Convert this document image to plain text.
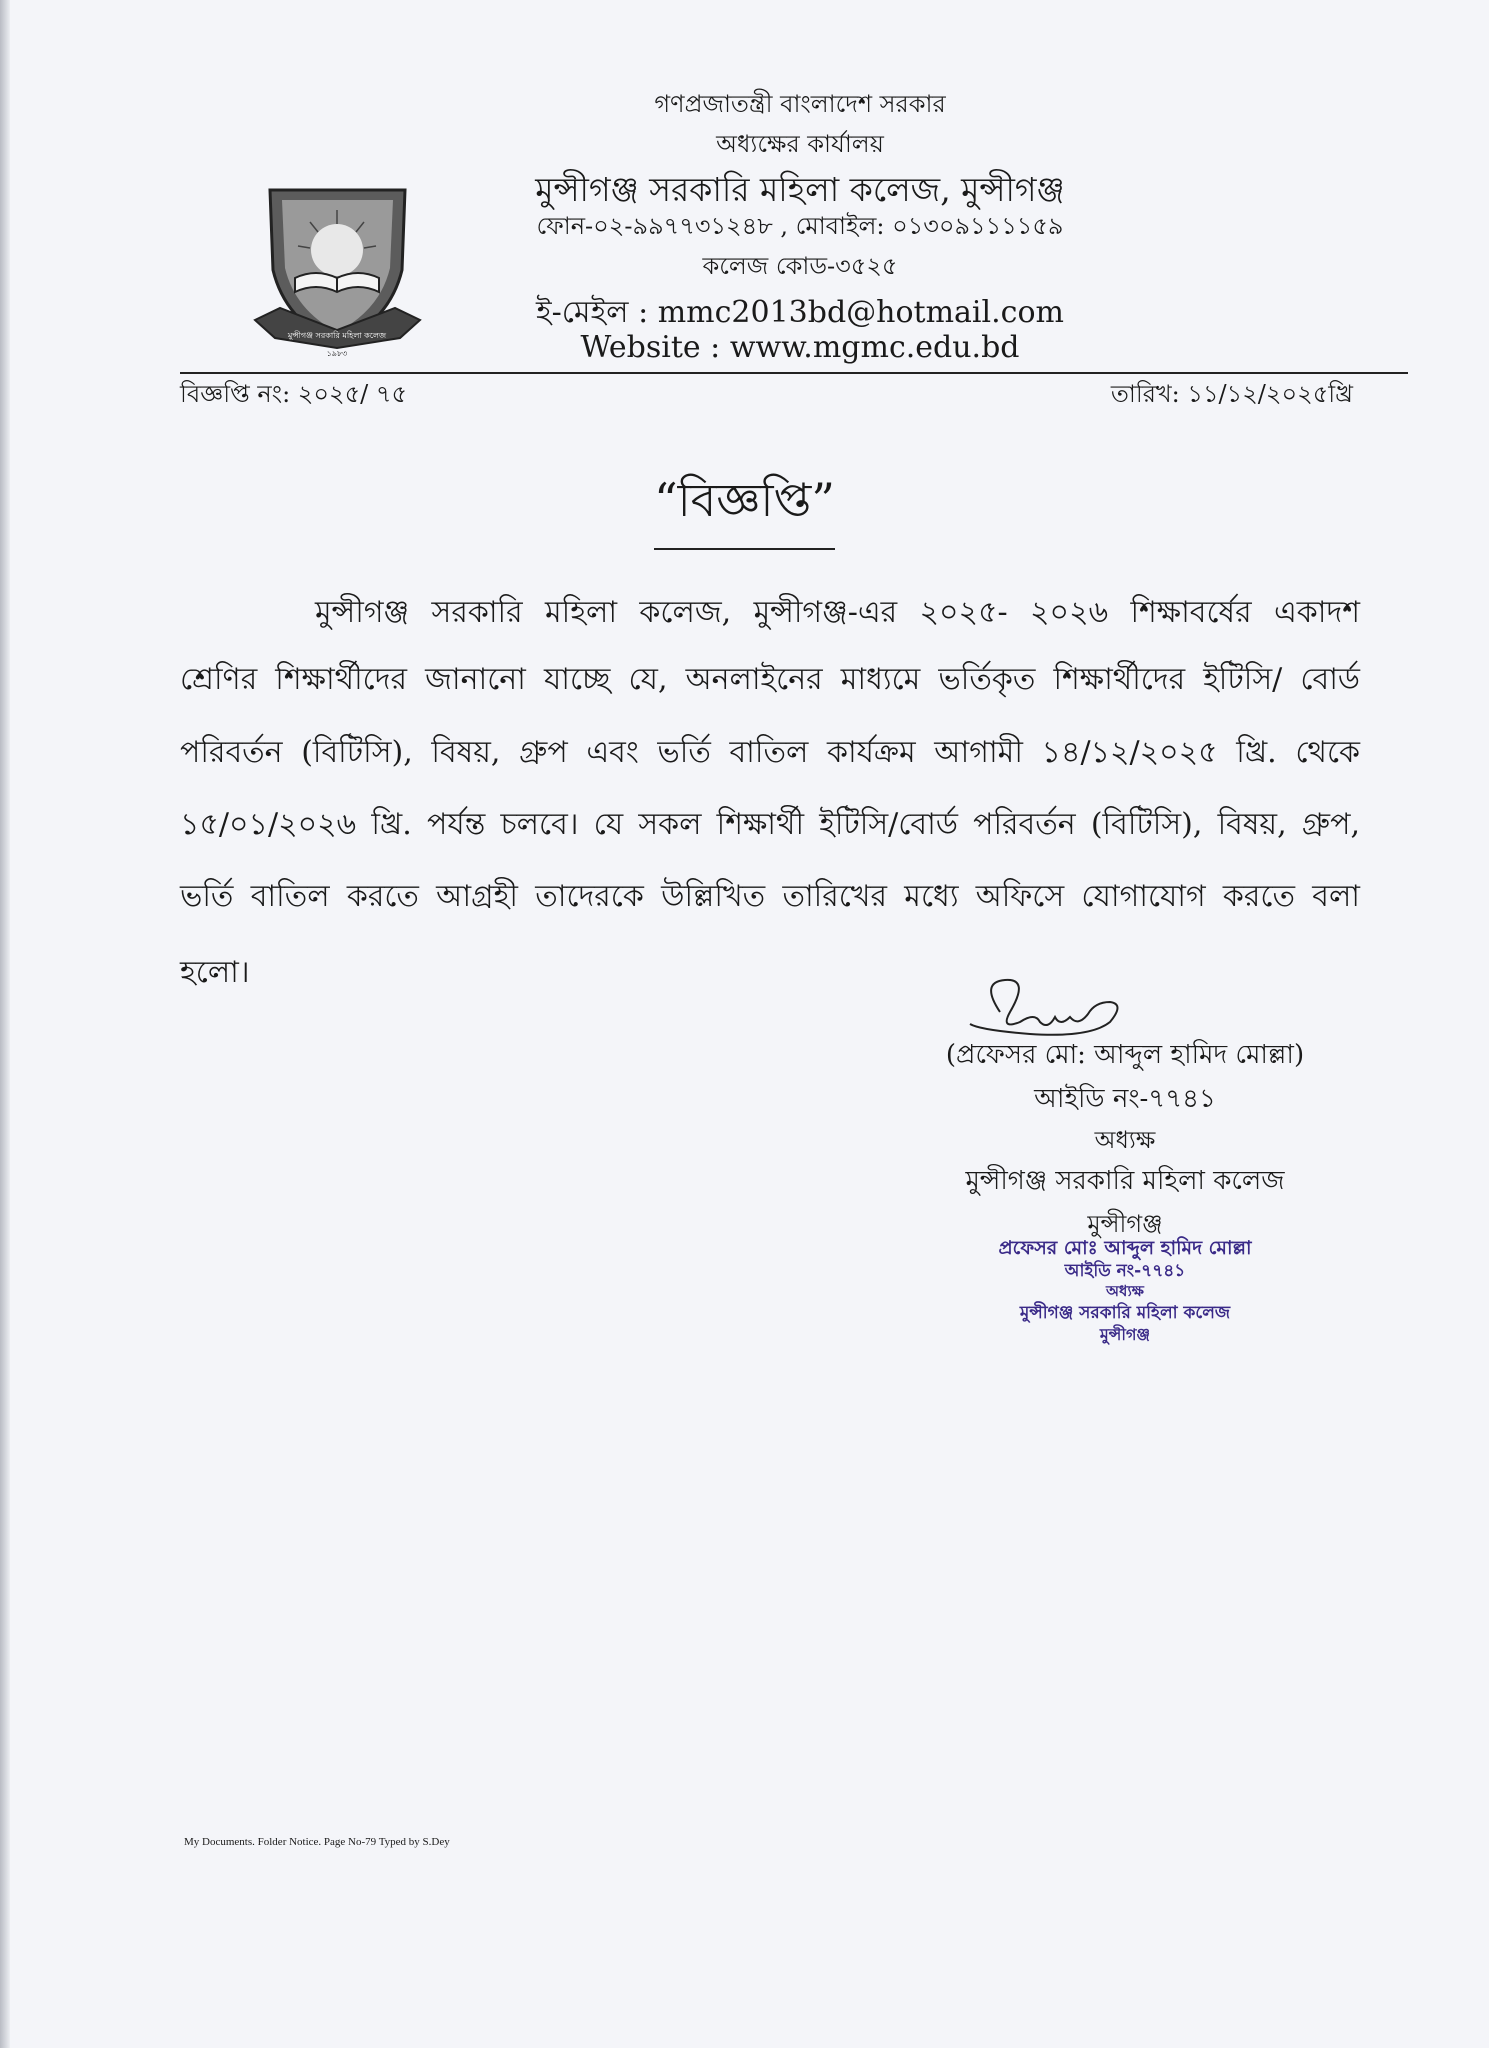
মুন্সীগঞ্জ সরকারি মহিলা কলেজ
১৯৮৩
গণপ্রজাতন্ত্রী বাংলাদেশ সরকার
অধ্যক্ষের কার্যালয়
মুন্সীগঞ্জ সরকারি মহিলা কলেজ, মুন্সীগঞ্জ
ফোন-০২-৯৯৭৭৩১২৪৮ , মোবাইল: ০১৩০৯১১১১৫৯
কলেজ কোড-৩৫২৫
ই-মেইল : mmc2013bd@hotmail.com
Website : www.mgmc.edu.bd
বিজ্ঞপ্তি নং: ২০২৫/ ৭৫	তারিখ: ১১/১২/২০২৫খ্রি
“বিজ্ঞপ্তি”
মুন্সীগঞ্জ সরকারি মহিলা কলেজ, মুন্সীগঞ্জ-এর ২০২৫- ২০২৬ শিক্ষাবর্ষের একাদশ
শ্রেণির শিক্ষার্থীদের জানানো যাচ্ছে যে, অনলাইনের মাধ্যমে ভর্তিকৃত শিক্ষার্থীদের ইটিসি/ বোর্ড
পরিবর্তন (বিটিসি), বিষয়, গ্রুপ এবং ভর্তি বাতিল কার্যক্রম আগামী ১৪/১২/২০২৫ খ্রি. থেকে
১৫/০১/২০২৬ খ্রি. পর্যন্ত চলবে। যে সকল শিক্ষার্থী ইটিসি/বোর্ড পরিবর্তন (বিটিসি), বিষয়, গ্রুপ,
ভর্তি বাতিল করতে আগ্রহী তাদেরকে উল্লিখিত তারিখের মধ্যে অফিসে যোগাযোগ করতে বলা
হলো।
(প্রফেসর মো: আব্দুল হামিদ মোল্লা)
আইডি নং-৭৭৪১
অধ্যক্ষ
মুন্সীগঞ্জ সরকারি মহিলা কলেজ
মুন্সীগঞ্জ
প্রফেসর মোঃ আব্দুল হামিদ মোল্লা
আইডি নং-৭৭৪১
অধ্যক্ষ
মুন্সীগঞ্জ সরকারি মহিলা কলেজ
মুন্সীগঞ্জ
My Documents. Folder Notice. Page No-79 Typed by S.Dey
